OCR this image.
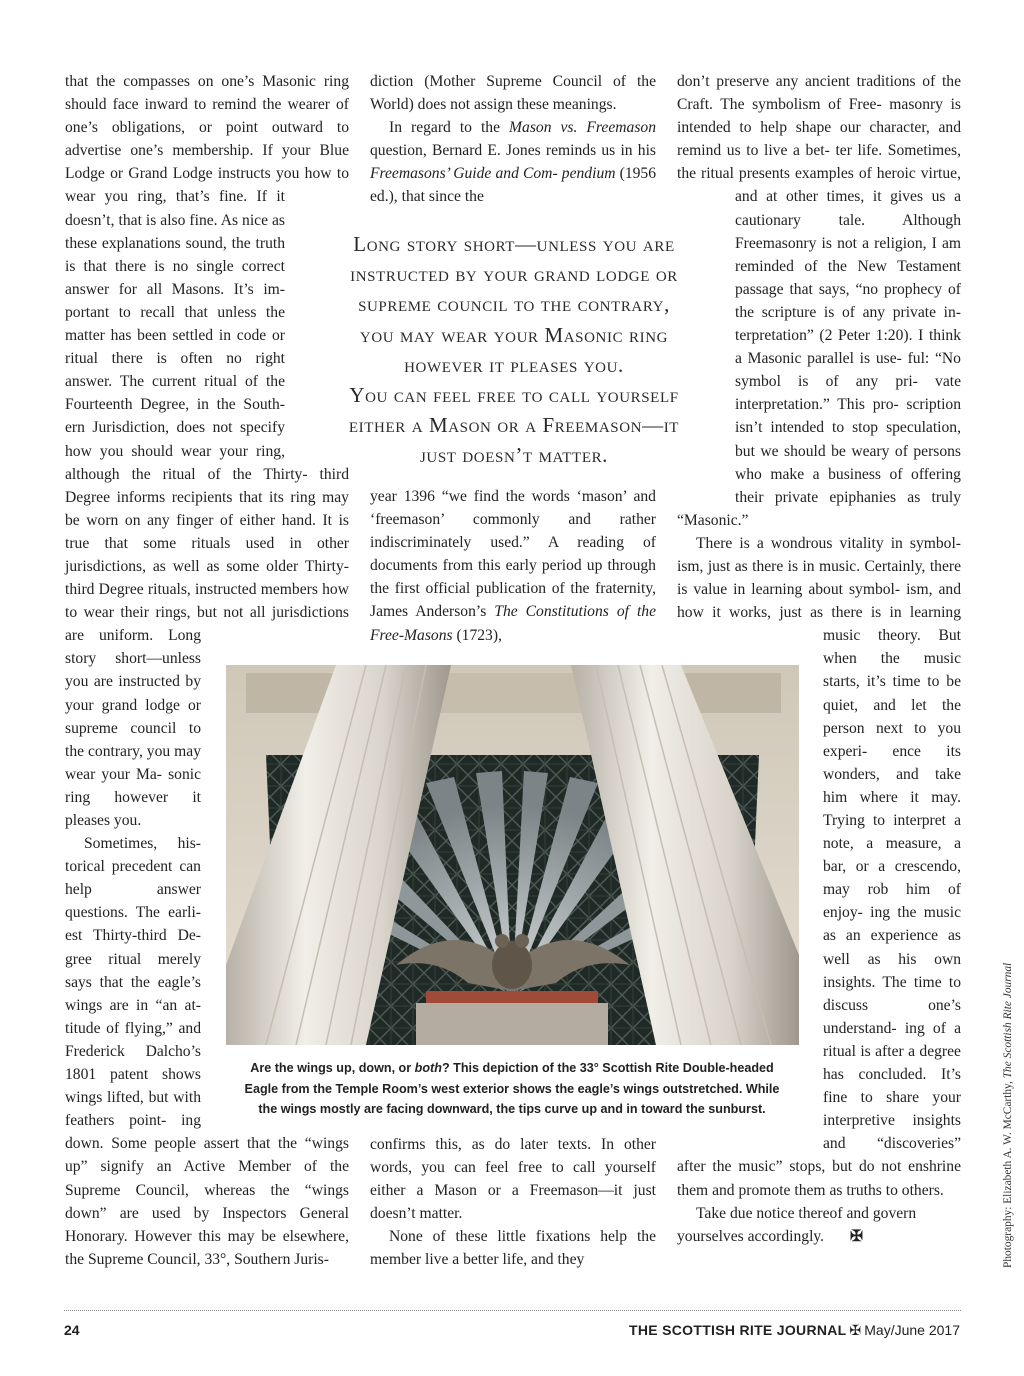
that the compasses on one’s Masonic ring should face inward to remind the wearer of one’s obligations, or point outward to advertise one’s membership. If your Blue Lodge or Grand Lodge instructs you how to wear you ring, that’s fine. If it doesn’t, that is also fine. As nice as these explanations sound, the truth is that there is no single correct answer for all Masons. It’s im- portant to recall that unless the matter has been settled in code or ritual there is often no right answer. The current ritual of the Fourteenth Degree, in the South- ern Jurisdiction, does not specify how you should wear your ring, although the ritual of the Thirty- third Degree informs recipients that its ring may be worn on any finger of either hand. It is true that some rituals used in other jurisdictions, as well as some older Thirty-third Degree rituals, instructed members how to wear their rings, but not all jurisdictions are uniform. Long story short—unless you are instructed by your grand lodge or supreme council to the contrary, you may wear your Ma- sonic ring however it pleases you.

Sometimes, his- torical precedent can help answer questions. The earli- est Thirty-third De- gree ritual merely says that the eagle’s wings are in “an at- titude of flying,” and Frederick Dalcho’s 1801 patent shows wings lifted, but with feathers point- ing down. Some people assert that the “wings up” signify an Active Member of the Supreme Council, whereas the “wings down” are used by Inspectors General Honorary. However this may be elsewhere, the Supreme Council, 33°, Southern Juris-

diction (Mother Supreme Council of the World) does not assign these meanings.

In regard to the Mason vs. Freemason question, Bernard E. Jones reminds us in his Freemasons’ Guide and Com- pendium (1956 ed.), that since the

year 1396 “we find the words ‘mason’ and ‘freemason’ commonly and rather indiscriminately used.” A reading of documents from this early period up through the first official publication of the fraternity, James Anderson’s The Constitutions of the Free-Masons (1723),

confirms this, as do later texts. In other words, you can feel free to call yourself either a Mason or a Freemason—it just doesn’t matter.

None of these little fixations help the member live a better life, and they

don’t preserve any ancient traditions of the Craft. The symbolism of Free- masonry is intended to help shape our character, and remind us to live a bet- ter life. Sometimes, the ritual presents examples of heroic virtue, and at other times, it gives us a cautionary tale. Although Freemasonry is not a religion, I am reminded of the New Testament passage that says, “no prophecy of the scripture is of any private in- terpretation” (2 Peter 1:20). I think a Masonic parallel is use- ful: “No symbol is of any pri- vate interpretation.” This pro- scription isn’t intended to stop speculation, but we should be weary of persons who make a business of offering their private epiphanies as truly “Masonic.”

There is a wondrous vitality in symbol- ism, just as there is in music. Certainly, there is value in learning about symbol- ism, and how it works, just as there is in learning music theory. But when the music starts, it’s time to be quiet, and let the person next to you experi- ence its wonders, and take him where it may. Trying to interpret a note, a measure, a bar, or a crescendo, may rob him of enjoy- ing the music as an experience as well as his own insights. The time to discuss	one’s understand- ing of a ritual is after a degree has concluded. It’s fine to share your interpretive insights and “discoveries” after the music” stops, but do not enshrine them and promote them as truths to others.

Take due notice thereof and govern yourselves accordingly. ✠

Long story short—unless you are

instructed by your grand lodge or

supreme council to the contrary,

you may wear your Masonic ring

however it pleases you.

You can feel free to call yourself

either a Mason or a Freemason—it

just doesn’t matter.

Are the wings up, down, or both? This depiction of the 33° Scottish Rite Double-headed
Eagle from the Temple Room’s west exterior shows the eagle’s wings outstretched. While
the wings mostly are facing downward, the tips curve up and in toward the sunburst.	Photography: Elizabeth A. W. McCarthy, The Scottish Rite Journal
24	THE SCOTTISH RITE JOURNAL ✠ May/June 2017
